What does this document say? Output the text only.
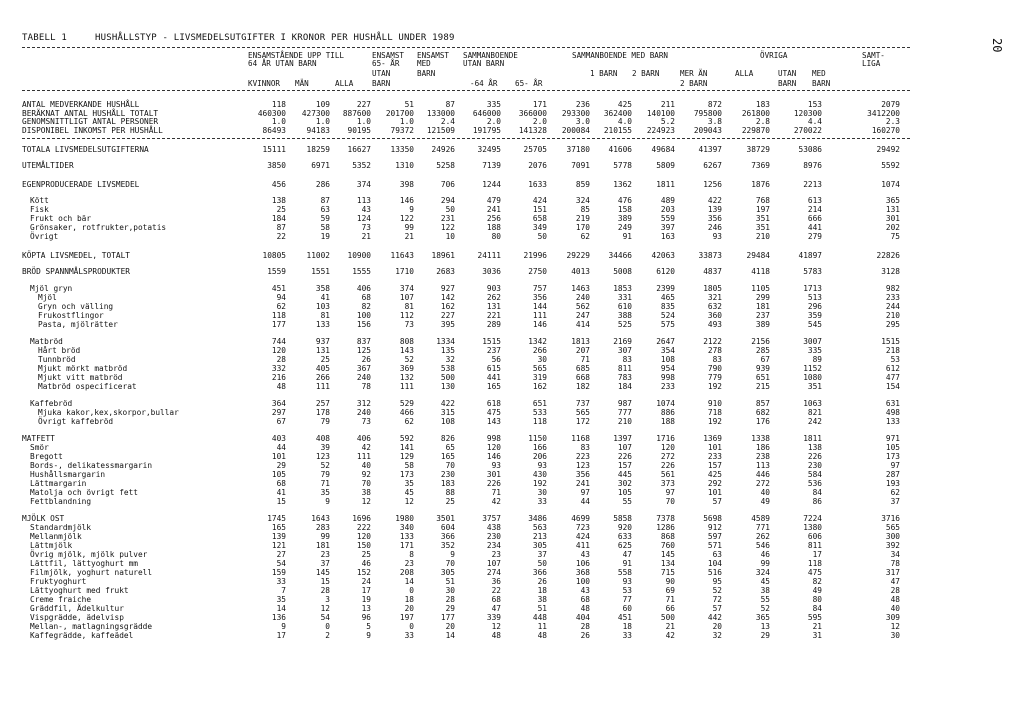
TABELL 1     HUSHÅLLSTYP - LIVSMEDELSUTGIFTER I KRONOR PER HUSHÅLL UNDER 1989	20
ENSAMSTÅENDE UPP TILL	ENSAMST ENSAMST SAMMANBOENDE	SAMMANBOENDE MED BARN	ÖVRIGA	SAMT-
64 ÅR UTAN BARN	65- ÅR MED	UTAN BARN	LIGA
UTAN	BARN	1 BARN 2 BARN	MER ÄN	ALLA	UTAN MED
KVINNOR MÄN	ALLA BARN	-64 ÅR 65- ÅR	2 BARN	BARN BARN
ANTAL MEDVERKANDE HUSHÅLL	118	109	227	51	87	335	171	236	425	211	872	183	153	2079
BERÄKNAT ANTAL HUSHÅLL TOTALT	460300	427300	887600	201700	133000	646000	366000	293300	362400	140100	795800	261800	120300	3412200
GENOMSNITTLIGT ANTAL PERSONER	1.0	1.0	1.0	1.0	2.4	2.0	2.0	3.0	4.0	5.2	3.8	2.8	4.4	2.3
DISPONIBEL INKOMST PER HUSHÅLL	86493	94183	90195	79372	121509	191795	141328	200084	210155	224923	209043	229870	270022	160270
TOTALA LIVSMEDELSUTGIFTERNA	15111	18259	16627	13350	24926	32495	25705	37180	41606	49684	41397	38729	53086	29492
UTEMÅLTIDER	3850	6971	5352	1310	5258	7139	2076	7091	5778	5809	6267	7369	8976	5592
EGENPRODUCERADE LIVSMEDEL	456	286	374	398	706	1244	1633	859	1362	1811	1256	1876	2213	1074
Kött	138	87	113	146	294	479	424	324	476	489	422	768	613	365
Fisk	25	63	43	9	50	241	151	85	158	203	139	197	214	131
Frukt och bär	184	59	124	122	231	256	658	219	389	559	356	351	666	301
Grönsaker, rotfrukter,potatis	87	58	73	99	122	188	349	170	249	397	246	351	441	202
Övrigt	22	19	21	21	10	80	50	62	91	163	93	210	279	75
KÖPTA LIVSMEDEL, TOTALT	10805	11002	10900	11643	18961	24111	21996	29229	34466	42063	33873	29484	41897	22826
BRÖD SPANNMÅLSPRODUKTER	1559	1551	1555	1710	2683	3036	2750	4013	5008	6120	4837	4118	5783	3128
Mjöl gryn	451	358	406	374	927	903	757	1463	1853	2399	1805	1105	1713	982
Mjöl	94	41	68	107	142	262	356	240	331	465	321	299	513	233
Gryn och välling	62	103	82	81	162	131	144	562	610	835	632	181	296	244
Frukostflingor	118	81	100	112	227	221	111	247	388	524	360	237	359	210
Pasta, mjölrätter	177	133	156	73	395	289	146	414	525	575	493	389	545	295
Matbröd	744	937	837	808	1334	1515	1342	1813	2169	2647	2122	2156	3007	1515
Hårt bröd	120	131	125	143	135	237	266	207	307	354	278	285	335	218
Tunnbröd	28	25	26	52	32	56	30	71	83	108	83	67	89	53
Mjukt mörkt matbröd	332	405	367	369	538	615	565	685	811	954	790	939	1152	612
Mjukt vitt matbröd	216	266	240	132	500	441	319	668	783	998	779	651	1080	477
Matbröd ospecificerat	48	111	78	111	130	165	162	182	184	233	192	215	351	154
Kaffebröd	364	257	312	529	422	618	651	737	987	1074	910	857	1063	631
Mjuka kakor,kex,skorpor,bullar	297	178	240	466	315	475	533	565	777	886	718	682	821	498
Övrigt kaffebröd	67	79	73	62	108	143	118	172	210	188	192	176	242	133
MATFETT	403	408	406	592	826	998	1150	1168	1397	1716	1369	1338	1811	971
Smör	44	39	42	141	65	120	166	83	107	120	101	186	138	105
Bregott	101	123	111	129	165	146	206	223	226	272	233	238	226	173
Bords-, delikatessmargarin	29	52	40	58	70	93	93	123	157	226	157	113	230	97
Hushållsmargarin	105	79	92	173	230	301	430	356	445	561	425	446	584	287
Lättmargarin	68	71	70	35	183	226	192	241	302	373	292	272	536	193
Matolja och övrigt fett	41	35	38	45	88	71	30	97	105	97	101	40	84	62
Fettblandning	15	9	12	12	25	42	33	44	55	70	57	49	86	37
MJÖLK OST	1745	1643	1696	1980	3501	3757	3486	4699	5858	7378	5698	4589	7224	3716
Standardmjölk	165	283	222	340	604	438	563	723	920	1286	912	771	1380	565
Mellanmjölk	139	99	120	133	366	230	213	424	633	868	597	262	606	300
Lättmjölk	121	181	150	171	352	234	305	411	625	760	571	546	811	392
Övrig mjölk, mjölk pulver	27	23	25	8	9	23	37	43	47	145	63	46	17	34
Lättfil, lättyoghurt mm	54	37	46	23	70	107	50	106	91	134	104	99	118	78
Filmjölk, yoghurt naturell	159	145	152	208	305	274	366	368	558	715	516	324	475	317
Fruktyoghurt	33	15	24	14	51	36	26	100	93	90	95	45	82	47
Lättyoghurt med frukt	7	28	17	0	30	22	18	43	53	69	52	38	49	28
Creme fraiche	35	3	19	18	28	68	38	68	77	71	72	55	80	48
Gräddfil, Ädelkultur	14	12	13	20	29	47	51	48	60	66	57	52	84	40
Vispgrädde, ädelvisp	136	54	96	197	177	339	448	404	451	500	442	365	595	309
Mellan-, matlagningsgrädde	9	0	5	0	20	12	11	28	18	21	20	13	21	12
Kaffegrädde, kaffeädel	17	2	9	33	14	48	48	26	33	42	32	29	31	30
